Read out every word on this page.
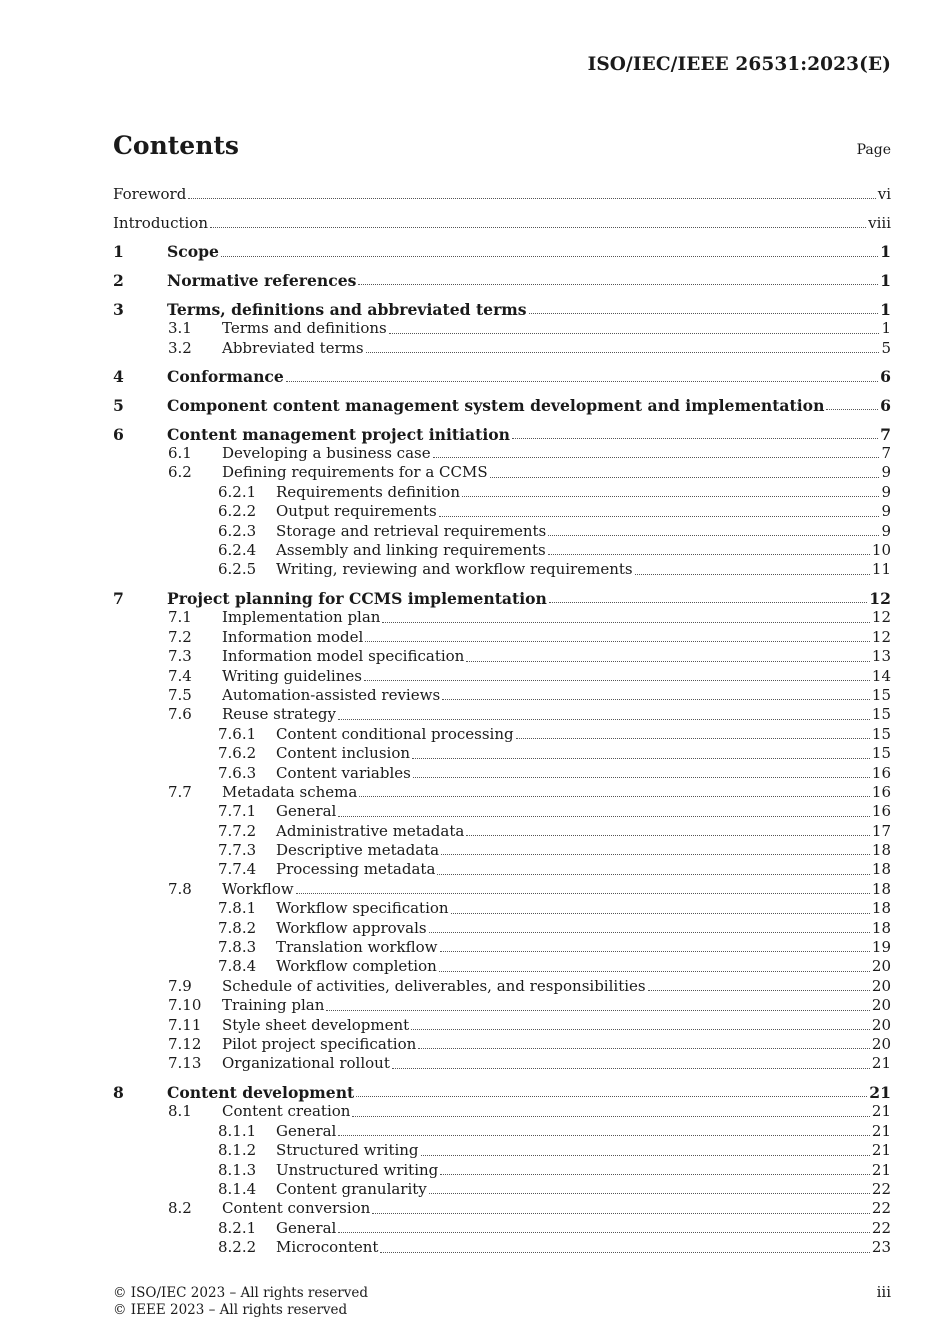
ISO/IEC/IEEE 26531:2023(E)
Contents	Page
Foreword	vi
Introduction	viii
1	Scope	1
2	Normative references	1
3	Terms, definitions and abbreviated terms	1
3.1 Terms and definitions	1
3.2 Abbreviated terms	5
4	Conformance	6
5	Component content management system development and implementation	6
6	Content management project initiation	7
6.1 Developing a business case	7
6.2 Defining requirements for a CCMS	9
6.2.1 Requirements definition	9
6.2.2 Output requirements	9
6.2.3 Storage and retrieval requirements	9
6.2.4 Assembly and linking requirements	10
6.2.5 Writing, reviewing and workflow requirements	11
7	Project planning for CCMS implementation	12
7.1 Implementation plan	12
7.2 Information model	12
7.3 Information model specification	13
7.4 Writing guidelines	14
7.5 Automation-assisted reviews	15
7.6 Reuse strategy	15
7.6.1 Content conditional processing	15
7.6.2 Content inclusion	15
7.6.3 Content variables	16
7.7 Metadata schema	16
7.7.1 General	16
7.7.2 Administrative metadata	17
7.7.3 Descriptive metadata	18
7.7.4 Processing metadata	18
7.8 Workflow	18
7.8.1 Workflow specification	18
7.8.2 Workflow approvals	18
7.8.3 Translation workflow	19
7.8.4 Workflow completion	20
7.9 Schedule of activities, deliverables, and responsibilities	20
7.10 Training plan	20
7.11 Style sheet development	20
7.12 Pilot project specification	20
7.13 Organizational rollout	21
8	Content development	21
8.1 Content creation	21
8.1.1 General	21
8.1.2 Structured writing	21
8.1.3 Unstructured writing	21
8.1.4 Content granularity	22
8.2 Content conversion	22
8.2.1 General	22
8.2.2 Microcontent	23
© ISO/IEC 2023 – All rights reserved
© IEEE 2023 – All rights reserved
iii
